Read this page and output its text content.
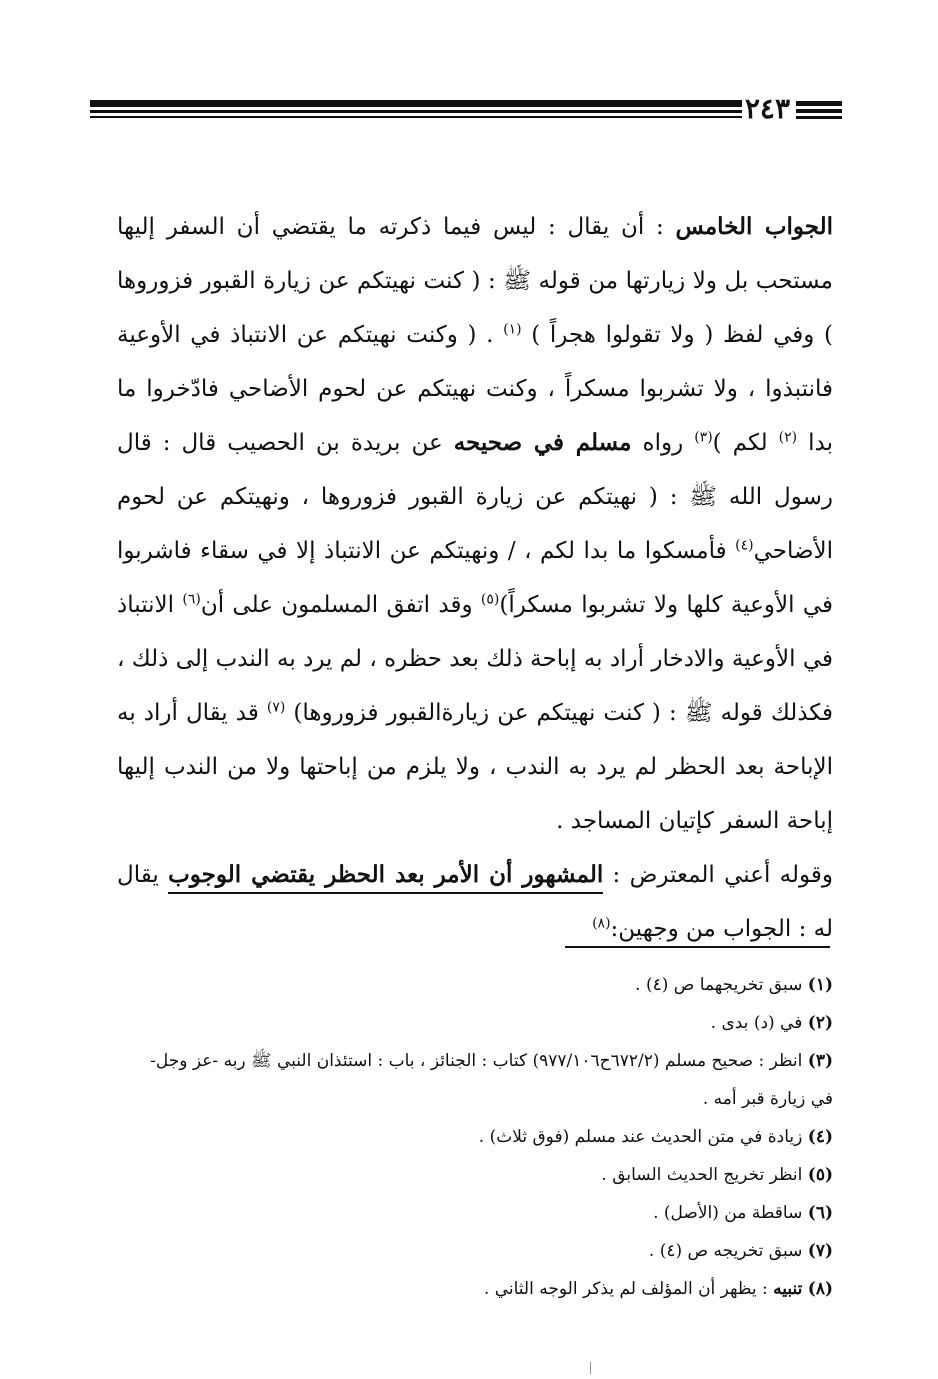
٢٤٣

الجواب الخامس : أن يقال : ليس فيما ذكرته ما يقتضي أن السفر إليها مستحب بل ولا زيارتها من قوله ﷺ : ( كنت نهيتكم عن زيارة القبور فزوروها ) وفي لفظ ( ولا تقولوا هجراً ) $^{(١)}$ . ( وكنت نهيتكم عن الانتباذ في الأوعية فانتبذوا ، ولا تشربوا مسكراً ، وكنت نهيتكم عن لحوم الأضاحي فادّخروا ما بدا $^{(٢)}$ لكم )$^{(٣)}$ رواه مسلم في صحيحه عن بريدة بن الحصيب قال : قال رسول الله ﷺ : ( نهيتكم عن زيارة القبور فزوروها ، ونهيتكم عن لحوم الأضاحي$^{(٤)}$ فأمسكوا ما بدا لكم ، / ونهيتكم عن الانتباذ إلا في سقاء فاشربوا في الأوعية كلها ولا تشربوا مسكراً)$^{(٥)}$ وقد اتفق المسلمون على أن$^{(٦)}$ الانتباذ في الأوعية والادخار أراد به إباحة ذلك بعد حظره ، لم يرد به الندب إلى ذلك ، فكذلك قوله ﷺ : ( كنت نهيتكم عن زيارةالقبور فزوروها) $^{(٧)}$ قد يقال أراد به الإباحة بعد الحظر لم يرد به الندب ، ولا يلزم من إباحتها ولا من الندب إليها إباحة السفر كإتيان المساجد .

وقوله أعني المعترض : المشهور أن الأمر بعد الحظر يقتضي الوجوب يقال له : الجواب من وجهين:$^{(٨)}$

(١) سبق تخريجهما ص (٤) .

(٢) في (د) بدى .

(٣) انظر : صحيح مسلم (٦٧٢/٢ح٩٧٧/١٠٦) كتاب : الجنائز ، باب : استئذان النبي ﷺ ربه -عز وجل-

في زيارة قبر أمه .

(٤) زيادة في متن الحديث عند مسلم (فوق ثلاث) .

(٥) انظر تخريج الحديث السابق .

(٦) ساقطة من (الأصل) .

(٧) سبق تخريجه ص (٤) .

(٨) تنبيه : يظهر أن المؤلف لم يذكر الوجه الثاني .
